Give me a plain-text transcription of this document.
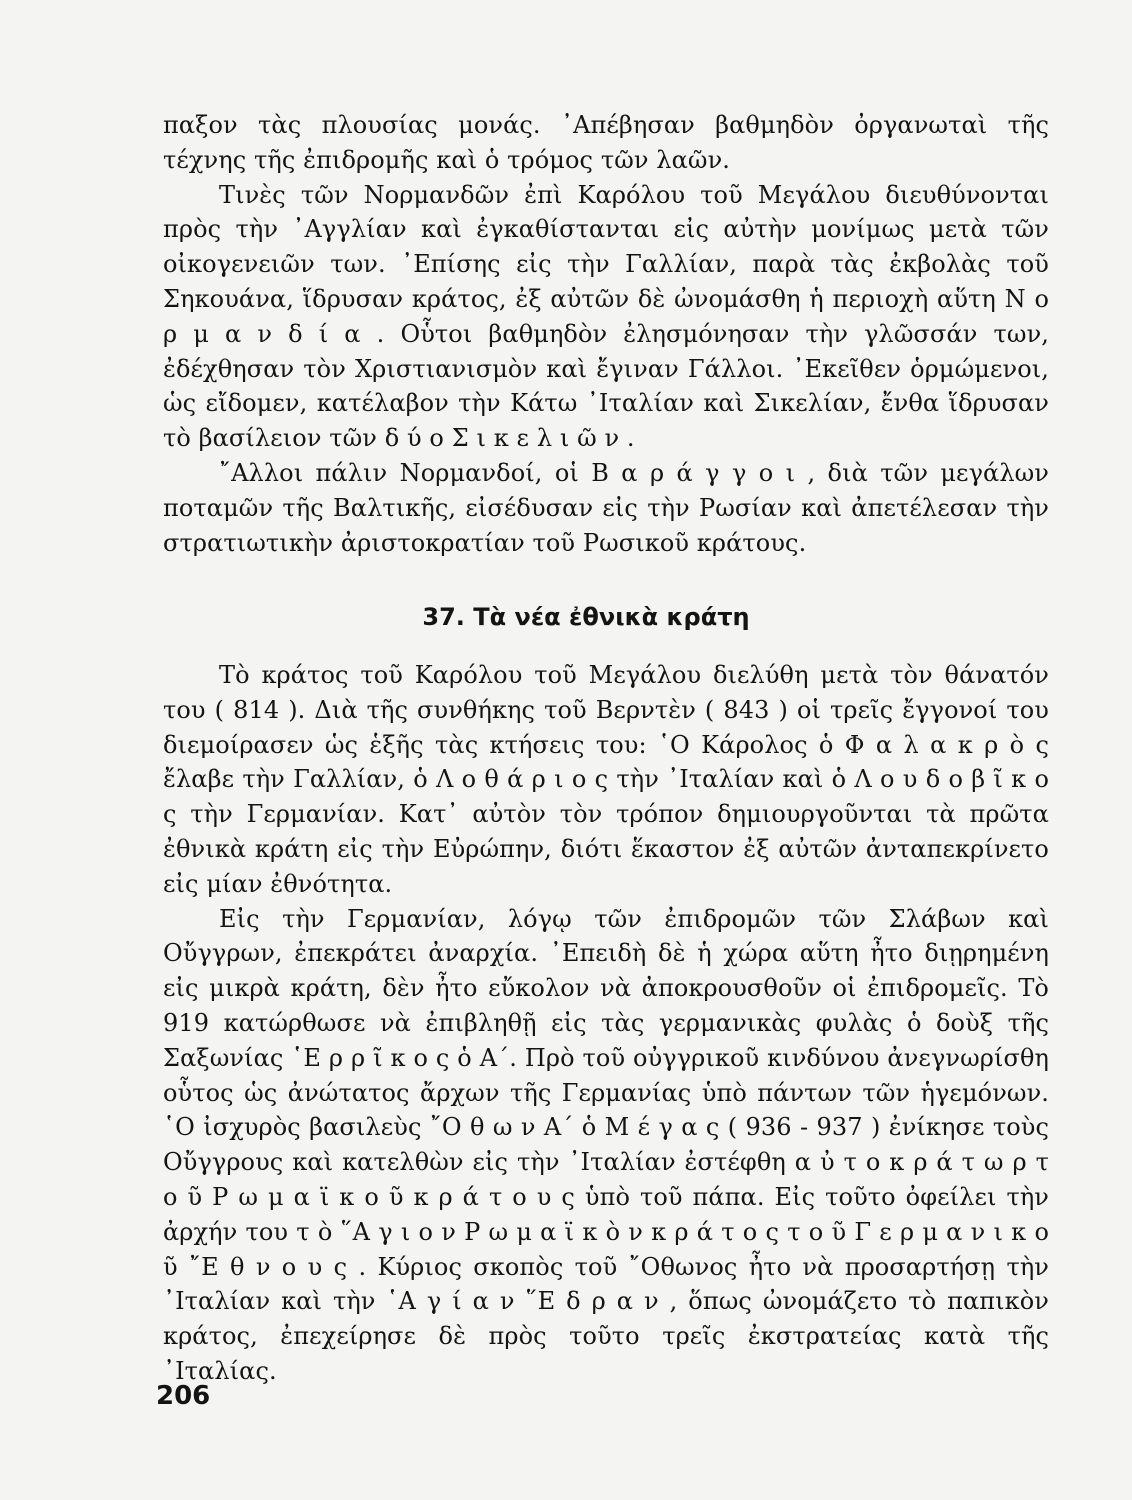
παξον τὰς πλουσίας μονάς. ᾽Απέβησαν βαθμηδὸν ὀργανωταὶ τῆς τέχνης τῆς ἐπιδρομῆς καὶ ὁ τρόμος τῶν λαῶν.

Τινὲς τῶν Νορμανδῶν ἐπὶ Καρόλου τοῦ Μεγάλου διευθύνονται πρὸς τὴν ᾽Αγγλίαν καὶ ἐγκαθίστανται εἰς αὐτὴν μονίμως μετὰ τῶν οἰκογενειῶν των. ᾽Επίσης εἰς τὴν Γαλλίαν, παρὰ τὰς ἐκβολὰς τοῦ Σηκουάνα, ἵδρυσαν κράτος, ἐξ αὐτῶν δὲ ὠνομάσθη ἡ περιοχὴ αὕτη Ν ο ρ μ α ν δ ί α . Οὗτοι βαθμηδὸν ἐλησμόνησαν τὴν γλῶσσάν των, ἐδέχθησαν τὸν Χριστιανισμὸν καὶ ἔγιναν Γάλλοι. ᾽Εκεῖθεν ὁρμώμενοι, ὡς εἴδομεν, κατέλαβον τὴν Κάτω ᾽Ιταλίαν καὶ Σικελίαν, ἔνθα ἵδρυσαν τὸ βασίλειον τῶν δ ύ ο Σ ι κ ε λ ι ῶ ν .

῎Αλλοι πάλιν Νορμανδοί, οἱ Β α ρ ά γ γ ο ι , διὰ τῶν μεγάλων ποταμῶν τῆς Βαλτικῆς, εἰσέδυσαν εἰς τὴν Ρωσίαν καὶ ἀπετέλεσαν τὴν στρατιωτικὴν ἀριστοκρατίαν τοῦ Ρωσικοῦ κράτους.

37. Τὰ νέα ἐθνικὰ κράτη

Τὸ κράτος τοῦ Καρόλου τοῦ Μεγάλου διελύθη μετὰ τὸν θάνατόν του ( 814 ). Διὰ τῆς συνθήκης τοῦ Βερντὲν ( 843 ) οἱ τρεῖς ἔγγονοί του διεμοίρασεν ὡς ἑξῆς τὰς κτήσεις του: ῾Ο Κάρολος ὁ Φ α λ α κ ρ ὸ ς ἔλαβε τὴν Γαλλίαν, ὁ Λ ο θ ά ρ ι ο ς τὴν ᾽Ιταλίαν καὶ ὁ Λ ο υ δ ο β ῖ κ ο ς τὴν Γερμανίαν. Κατ᾽ αὐτὸν τὸν τρόπον δημιουργοῦνται τὰ πρῶτα ἐθνικὰ κράτη εἰς τὴν Εὐρώπην, διότι ἕκαστον ἐξ αὐτῶν ἀνταπεκρίνετο εἰς μίαν ἐθνότητα.

Εἰς τὴν Γερμανίαν, λόγῳ τῶν ἐπιδρομῶν τῶν Σλάβων καὶ Οὔγγρων, ἐπεκράτει ἀναρχία. ᾽Επειδὴ δὲ ἡ χώρα αὕτη ἦτο διῃρημένη εἰς μικρὰ κράτη, δὲν ἦτο εὔκολον νὰ ἀποκρουσθοῦν οἱ ἐπιδρομεῖς. Τὸ 919 κατώρθωσε νὰ ἐπιβληθῇ εἰς τὰς γερμανικὰς φυλὰς ὁ δοὺξ τῆς Σαξωνίας ῾Ε ρ ρ ῖ κ ο ς ὁ Α΄. Πρὸ τοῦ οὐγγρικοῦ κινδύνου ἀνεγνωρίσθη οὗτος ὡς ἀνώτατος ἄρχων τῆς Γερμανίας ὑπὸ πάντων τῶν ἡγεμόνων. ῾Ο ἰσχυρὸς βασιλεὺς ῎Ο θ ω ν Α΄ ὁ Μ έ γ α ς ( 936 - 937 ) ἐνίκησε τοὺς Οὔγγρους καὶ κατελθὼν εἰς τὴν ᾽Ιταλίαν ἐστέφθη α ὐ τ ο κ ρ ά τ ω ρ τ ο ῦ Ρ ω μ α ϊ κ ο ῦ κ ρ ά τ ο υ ς ὑπὸ τοῦ πάπα. Εἰς τοῦτο ὀφείλει τὴν ἀρχήν του τ ὸ ῞Α γ ι ο ν Ρ ω μ α ϊ κ ὸ ν κ ρ ά τ ο ς τ ο ῦ Γ ε ρ μ α ν ι κ ο ῦ ῎Ε θ ν ο υ ς . Κύριος σκοπὸς τοῦ ῎Οθωνος ἦτο νὰ προσαρτήσῃ τὴν ᾽Ιταλίαν καὶ τὴν ῾Α γ ί α ν ῞Ε δ ρ α ν , ὅπως ὠνομάζετο τὸ παπικὸν κράτος, ἐπεχείρησε δὲ πρὸς τοῦτο τρεῖς ἐκστρατείας κατὰ τῆς ᾽Ιταλίας.

206
